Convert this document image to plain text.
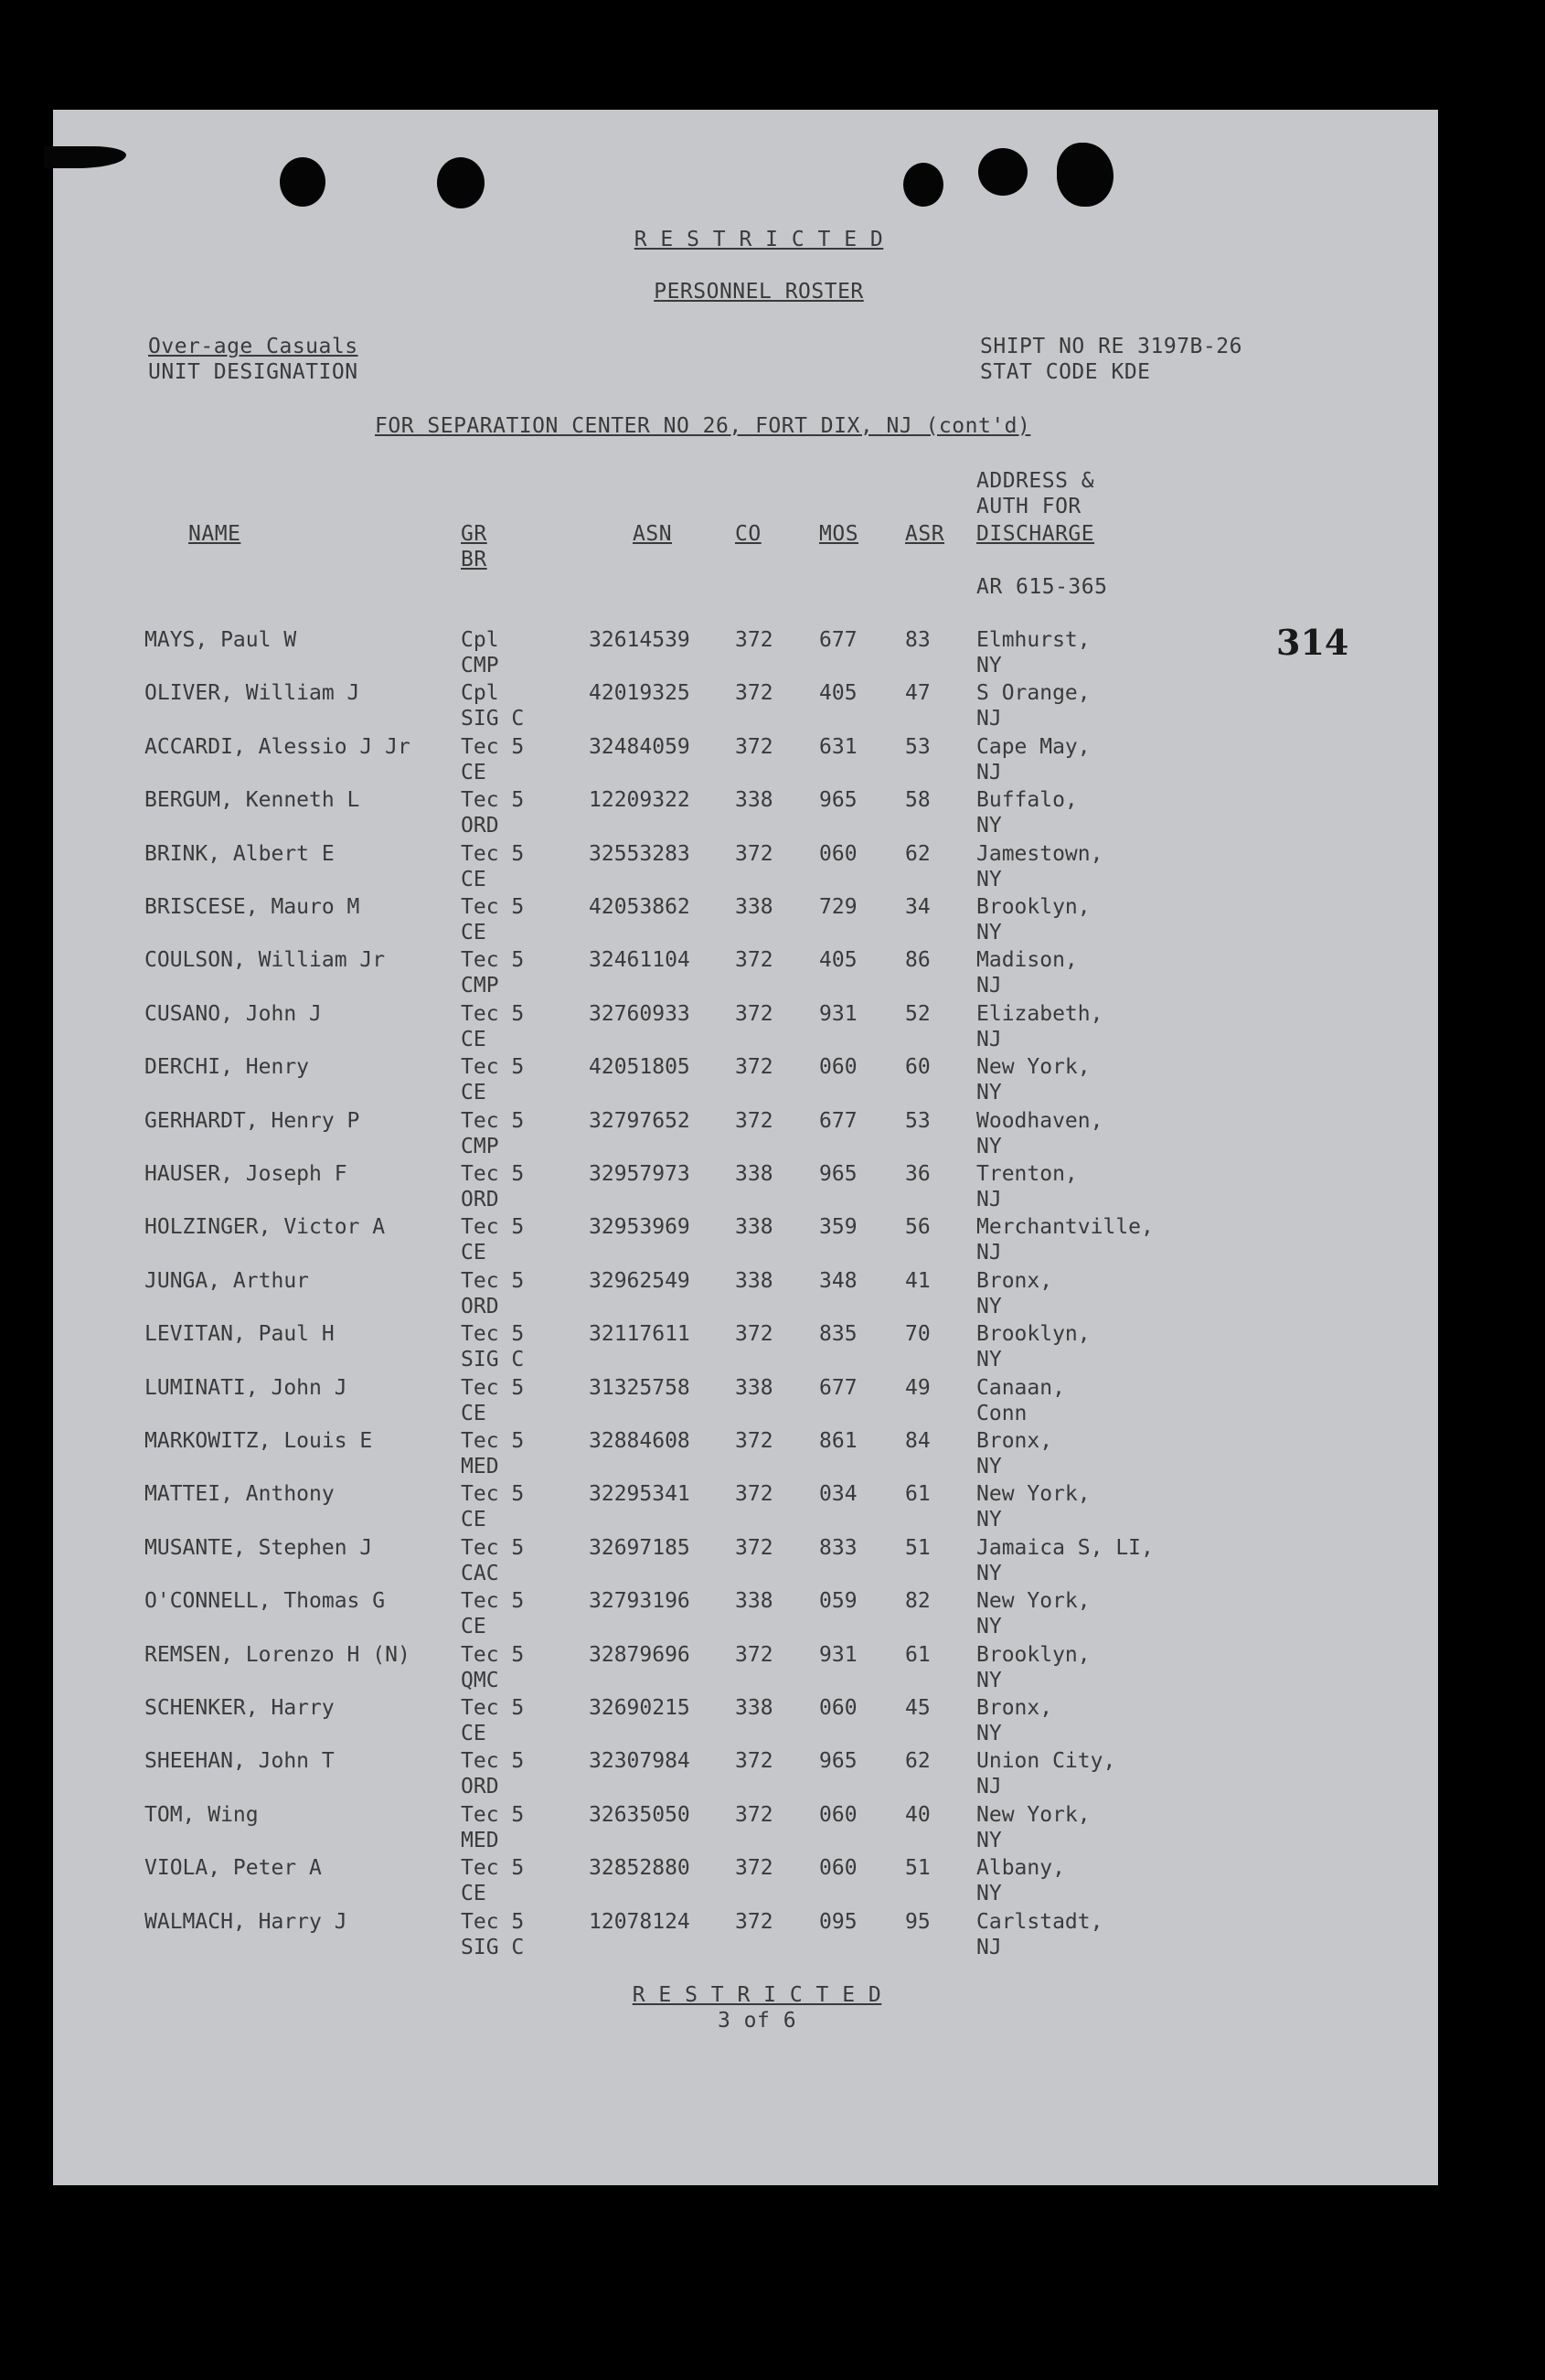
R E S T R I C T E D
PERSONNEL ROSTER
Over-age Casuals
UNIT DESIGNATION
SHIPT NO RE 3197B-26
STAT CODE KDE
FOR SEPARATION CENTER NO 26, FORT DIX, NJ (cont'd)
ADDRESS &
AUTH FOR
NAME	GR
BR
ASN	CO	MOS ASR DISCHARGE
AR 615-365
314
MAYS, Paul W	Cpl	32614539 372 677 83 Elmhurst,
CMP	NY
OLIVER, William J	Cpl	42019325 372 405 47 S Orange,
SIG C	NJ
ACCARDI, Alessio J Jr Tec 5	32484059 372 631 53 Cape May,
CE	NJ
BERGUM, Kenneth L	Tec 5	12209322 338 965 58 Buffalo,
ORD	NY
BRINK, Albert E	Tec 5	32553283 372 060 62 Jamestown,
CE	NY
BRISCESE, Mauro M	Tec 5	42053862 338 729 34 Brooklyn,
CE	NY
COULSON, William Jr	Tec 5	32461104 372 405 86 Madison,
CMP	NJ
CUSANO, John J	Tec 5	32760933 372 931 52 Elizabeth,
CE	NJ
DERCHI, Henry	Tec 5	42051805 372 060 60 New York,
CE	NY
GERHARDT, Henry P	Tec 5	32797652 372 677 53 Woodhaven,
CMP	NY
HAUSER, Joseph F	Tec 5	32957973 338 965 36 Trenton,
ORD	NJ
HOLZINGER, Victor A	Tec 5	32953969 338 359 56 Merchantville,
CE	NJ
JUNGA, Arthur	Tec 5	32962549 338 348 41 Bronx,
ORD	NY
LEVITAN, Paul H	Tec 5	32117611 372 835 70 Brooklyn,
SIG C	NY
LUMINATI, John J	Tec 5	31325758 338 677 49 Canaan,
CE	Conn
MARKOWITZ, Louis E	Tec 5	32884608 372 861 84 Bronx,
MED	NY
MATTEI, Anthony	Tec 5	32295341 372 034 61 New York,
CE	NY
MUSANTE, Stephen J	Tec 5	32697185 372 833 51 Jamaica S, LI,
CAC	NY
O'CONNELL, Thomas G	Tec 5	32793196 338 059 82 New York,
CE	NY
REMSEN, Lorenzo H (N) Tec 5	32879696 372 931 61 Brooklyn,
QMC	NY
SCHENKER, Harry	Tec 5	32690215 338 060 45 Bronx,
CE	NY
SHEEHAN, John T	Tec 5	32307984 372 965 62 Union City,
ORD	NJ
TOM, Wing	Tec 5	32635050 372 060 40 New York,
MED	NY
VIOLA, Peter A	Tec 5	32852880 372 060 51 Albany,
CE	NY
WALMACH, Harry J	Tec 5	12078124 372 095 95 Carlstadt,
SIG C	NJ
R E S T R I C T E D
3 of 6
